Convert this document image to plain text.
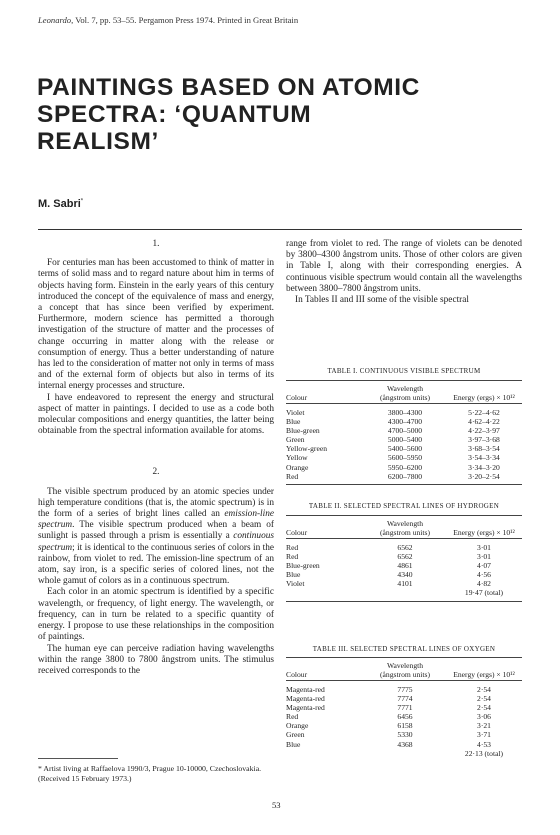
Leonardo, Vol. 7, pp. 53–55. Pergamon Press 1974. Printed in Great Britain
PAINTINGS BASED ON ATOMIC
SPECTRA: ‘QUANTUM
REALISM’
M. Sabri*
1.

For centuries man has been accustomed to think of matter in terms of solid mass and to regard nature about him in terms of objects having form. Einstein in the early years of this century introduced the concept of the equivalence of mass and energy, a concept that has since been verified by experiment. Furthermore, modern science has permitted a thorough investigation of the structure of matter and the processes of change occurring in matter along with the release or consumption of energy. Thus a better understanding of nature has led to the consideration of matter not only in terms of mass and of the external form of objects but also in terms of its internal energy processes and structure.

I have endeavored to represent the energy and structural aspect of matter in paintings. I decided to use as a code both molecular compositions and energy quantities, the latter being obtainable from the spectral information available for atoms.

2.

The visible spectrum produced by an atomic species under high temperature conditions (that is, the atomic spectrum) is in the form of a series of bright lines called an emission-line spectrum. The visible spectrum produced when a beam of sunlight is passed through a prism is essentially a continuous spectrum; it is identical to the continuous series of colors in the rainbow, from violet to red. The emission-line spectrum of an atom, say iron, is a specific series of colored lines, not the whole gamut of colors as in a continuous spectrum.

Each color in an atomic spectrum is identified by a specific wavelength, or frequency, of light energy. The wavelength, or frequency, can in turn be related to a specific quantity of energy. I propose to use these relationships in the composition of paintings.

The human eye can perceive radiation having wavelengths within the range 3800 to 7800 ångstrom units. The stimulus received corresponds to the

* Artist living at Raffaelova 1990/3, Prague 10-10000, Czechoslovakia. (Received 15 February 1973.)

range from violet to red. The range of violets can be denoted by 3800–4300 ångstrom units. Those of other colors are given in Table I, along with their corresponding energies. A continuous visible spectrum would contain all the wavelengths between 3800–7800 ångstrom units.

In Tables II and III some of the visible spectral

TABLE I. CONTINUOUS VISIBLE SPECTRUM
Colour
Wavelength
(ångstrom units)	Energy (ergs) × 10¹²
Violet	3800–4300	5·22–4·62
Blue	4300–4700	4·62–4·22
Blue-green	4700–5000	4·22–3·97
Green	5000–5400	3·97–3·68
Yellow-green	5400–5600	3·68–3·54
Yellow	5600–5950	3·54–3·34
Orange	5950–6200	3·34–3·20
Red	6200–7800	3·20–2·54
TABLE II. SELECTED SPECTRAL LINES OF HYDROGEN
Colour
Wavelength
(ångstrom units)	Energy (ergs) × 10¹²
Red	6562	3·01
Red	6562	3·01
Blue-green	4861	4·07
Blue	4340	4·56
Violet	4101	4·82
19·47 (total)
TABLE III. SELECTED SPECTRAL LINES OF OXYGEN
Colour
Wavelength
(ångstrom units)	Energy (ergs) × 10¹²
Magenta-red	7775	2·54
Magenta-red	7774	2·54
Magenta-red	7771	2·54
Red	6456	3·06
Orange	6158	3·21
Green	5330	3·71
Blue	4368	4·53
22·13 (total)
53
